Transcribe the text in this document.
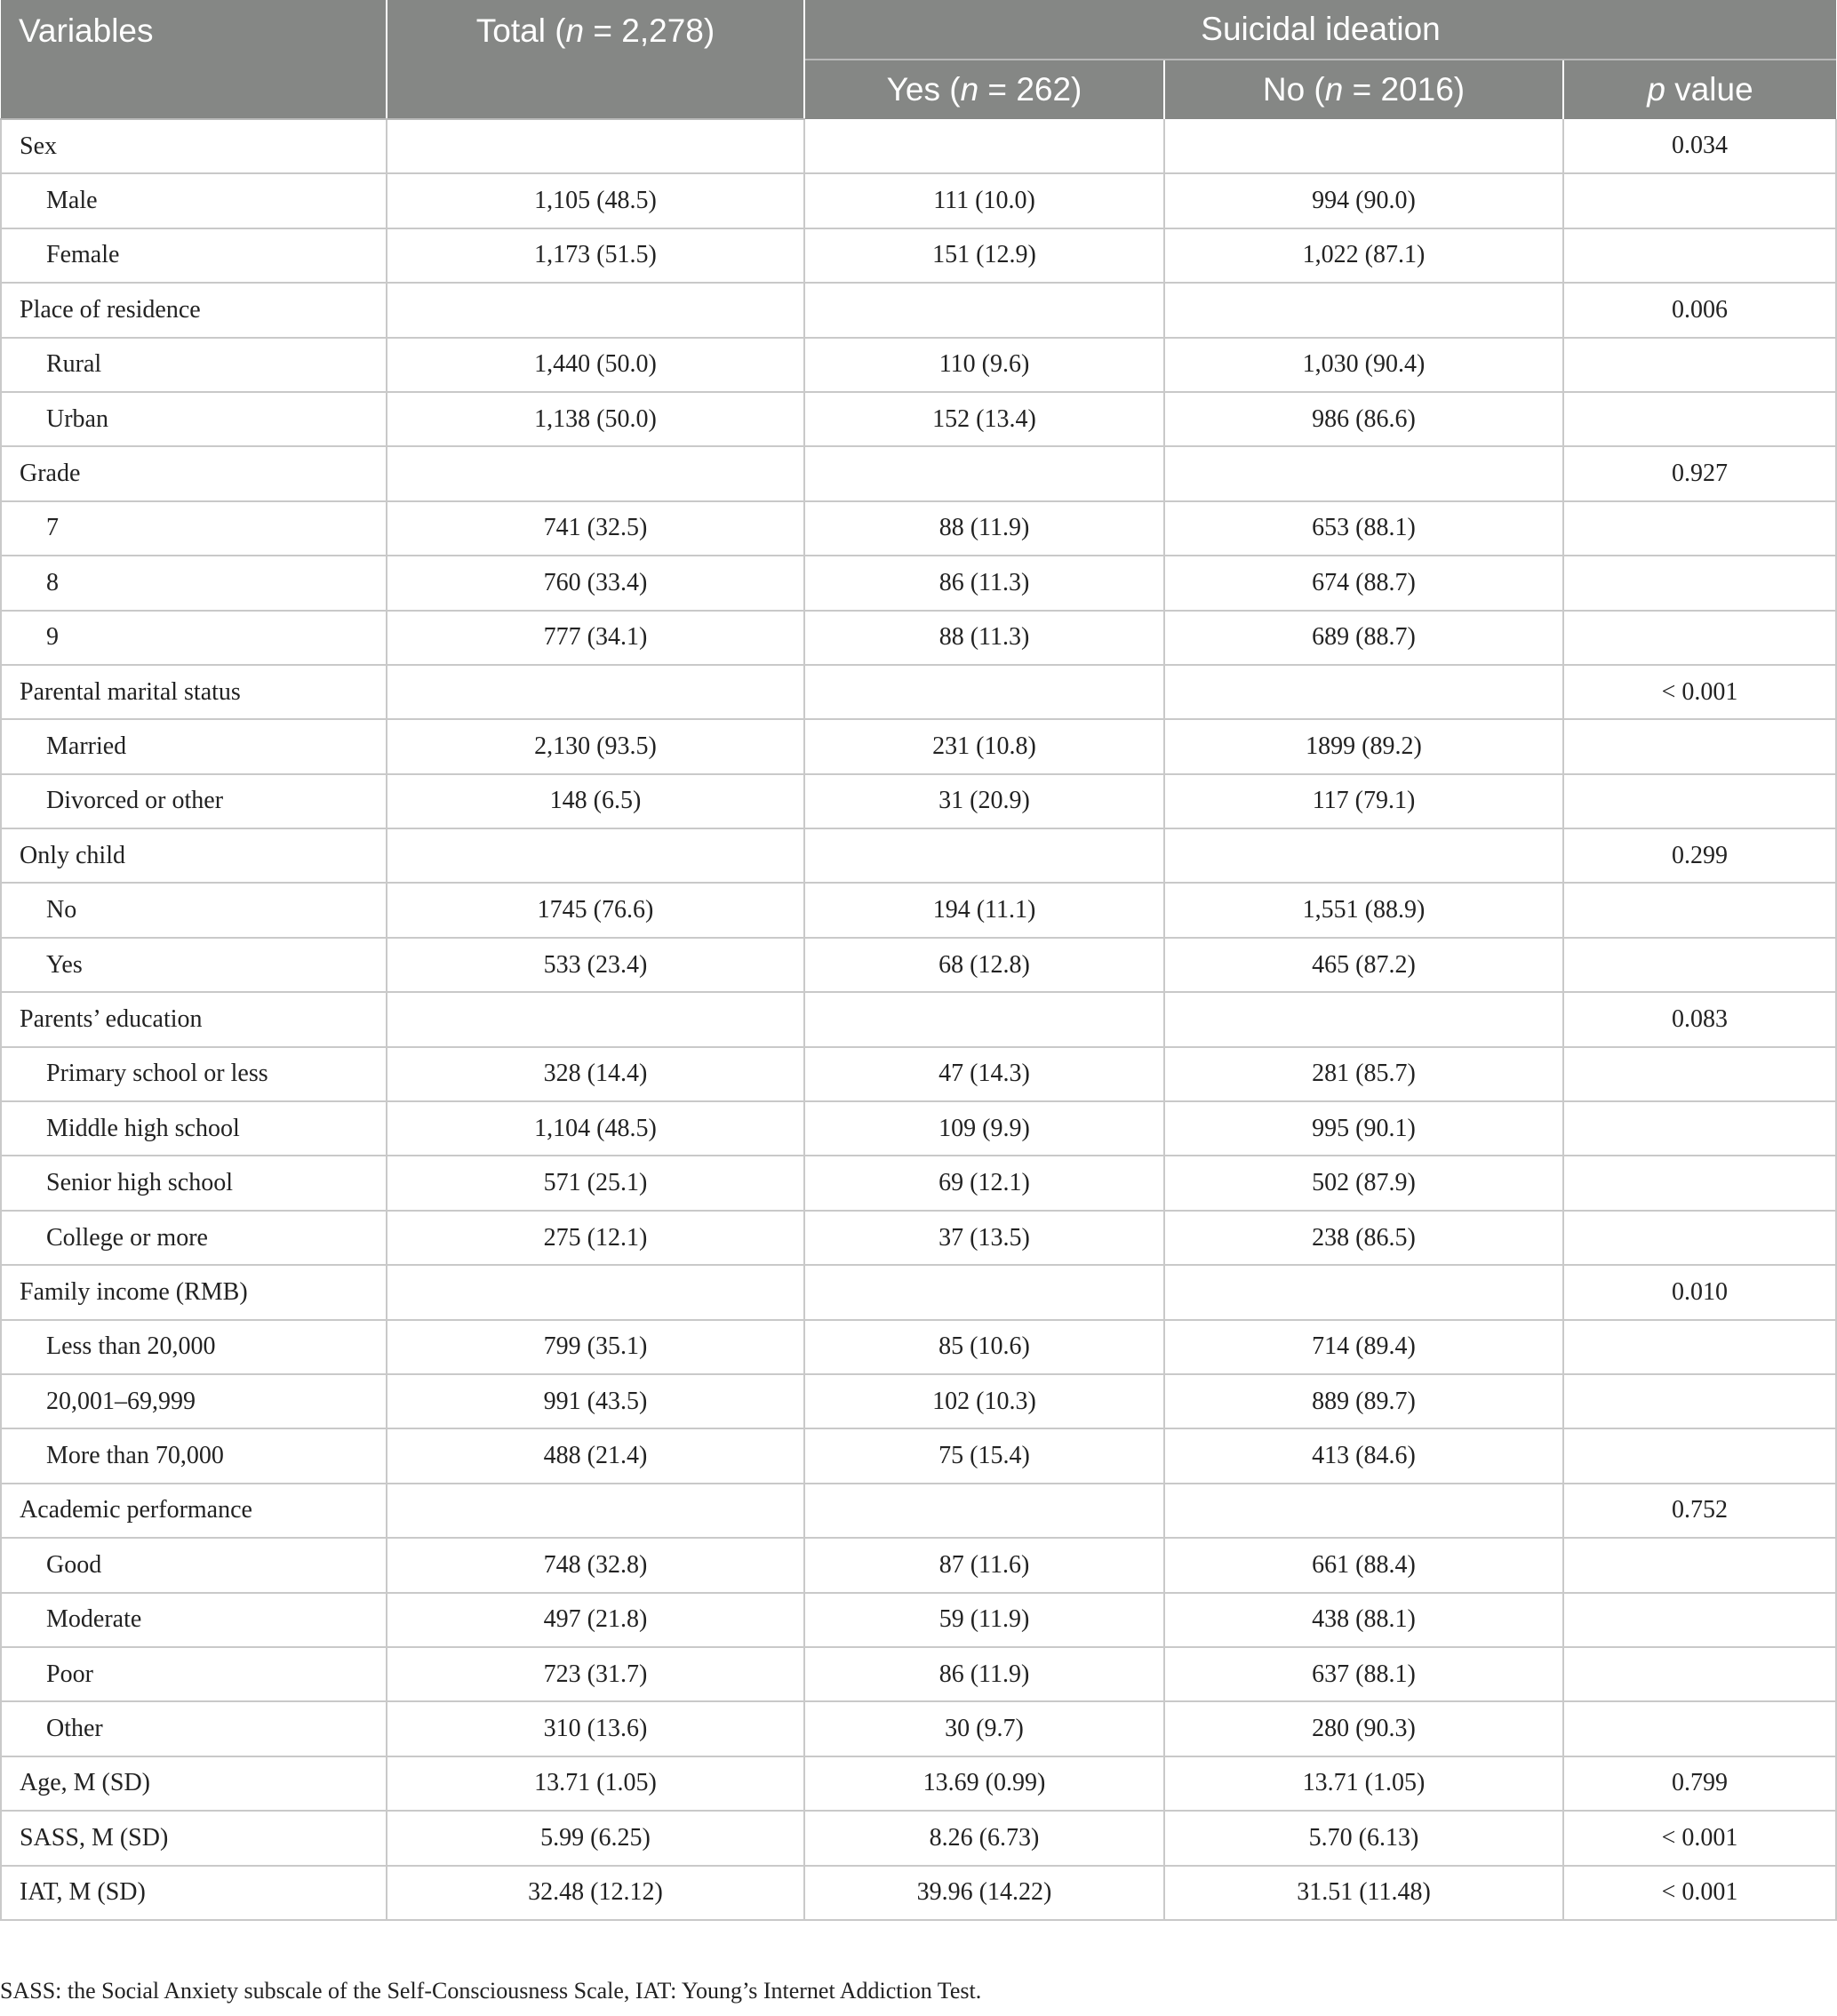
Variables	Total (n = 2,278)	Suicidal ideation		
		Yes (n = 262)	No (n = 2016)	p value
Sex				0.034
Male	1,105 (48.5)	111 (10.0)	994 (90.0)	
Female	1,173 (51.5)	151 (12.9)	1,022 (87.1)	
Place of residence				0.006
Rural	1,440 (50.0)	110 (9.6)	1,030 (90.4)	
Urban	1,138 (50.0)	152 (13.4)	986 (86.6)	
Grade				0.927
7	741 (32.5)	88 (11.9)	653 (88.1)	
8	760 (33.4)	86 (11.3)	674 (88.7)	
9	777 (34.1)	88 (11.3)	689 (88.7)	
Parental marital status				< 0.001
Married	2,130 (93.5)	231 (10.8)	1899 (89.2)	
Divorced or other	148 (6.5)	31 (20.9)	117 (79.1)	
Only child				0.299
No	1745 (76.6)	194 (11.1)	1,551 (88.9)	
Yes	533 (23.4)	68 (12.8)	465 (87.2)	
Parents’ education				0.083
Primary school or less	328 (14.4)	47 (14.3)	281 (85.7)	
Middle high school	1,104 (48.5)	109 (9.9)	995 (90.1)	
Senior high school	571 (25.1)	69 (12.1)	502 (87.9)	
College or more	275 (12.1)	37 (13.5)	238 (86.5)	
Family income (RMB)				0.010
Less than 20,000	799 (35.1)	85 (10.6)	714 (89.4)	
20,001–69,999	991 (43.5)	102 (10.3)	889 (89.7)	
More than 70,000	488 (21.4)	75 (15.4)	413 (84.6)	
Academic performance				0.752
Good	748 (32.8)	87 (11.6)	661 (88.4)	
Moderate	497 (21.8)	59 (11.9)	438 (88.1)	
Poor	723 (31.7)	86 (11.9)	637 (88.1)	
Other	310 (13.6)	30 (9.7)	280 (90.3)	
Age, M (SD)	13.71 (1.05)	13.69 (0.99)	13.71 (1.05)	0.799
SASS, M (SD)	5.99 (6.25)	8.26 (6.73)	5.70 (6.13)	< 0.001
IAT, M (SD)	32.48 (12.12)	39.96 (14.22)	31.51 (11.48)	< 0.001
SASS: the Social Anxiety subscale of the Self-Consciousness Scale, IAT: Young’s Internet Addiction Test.
